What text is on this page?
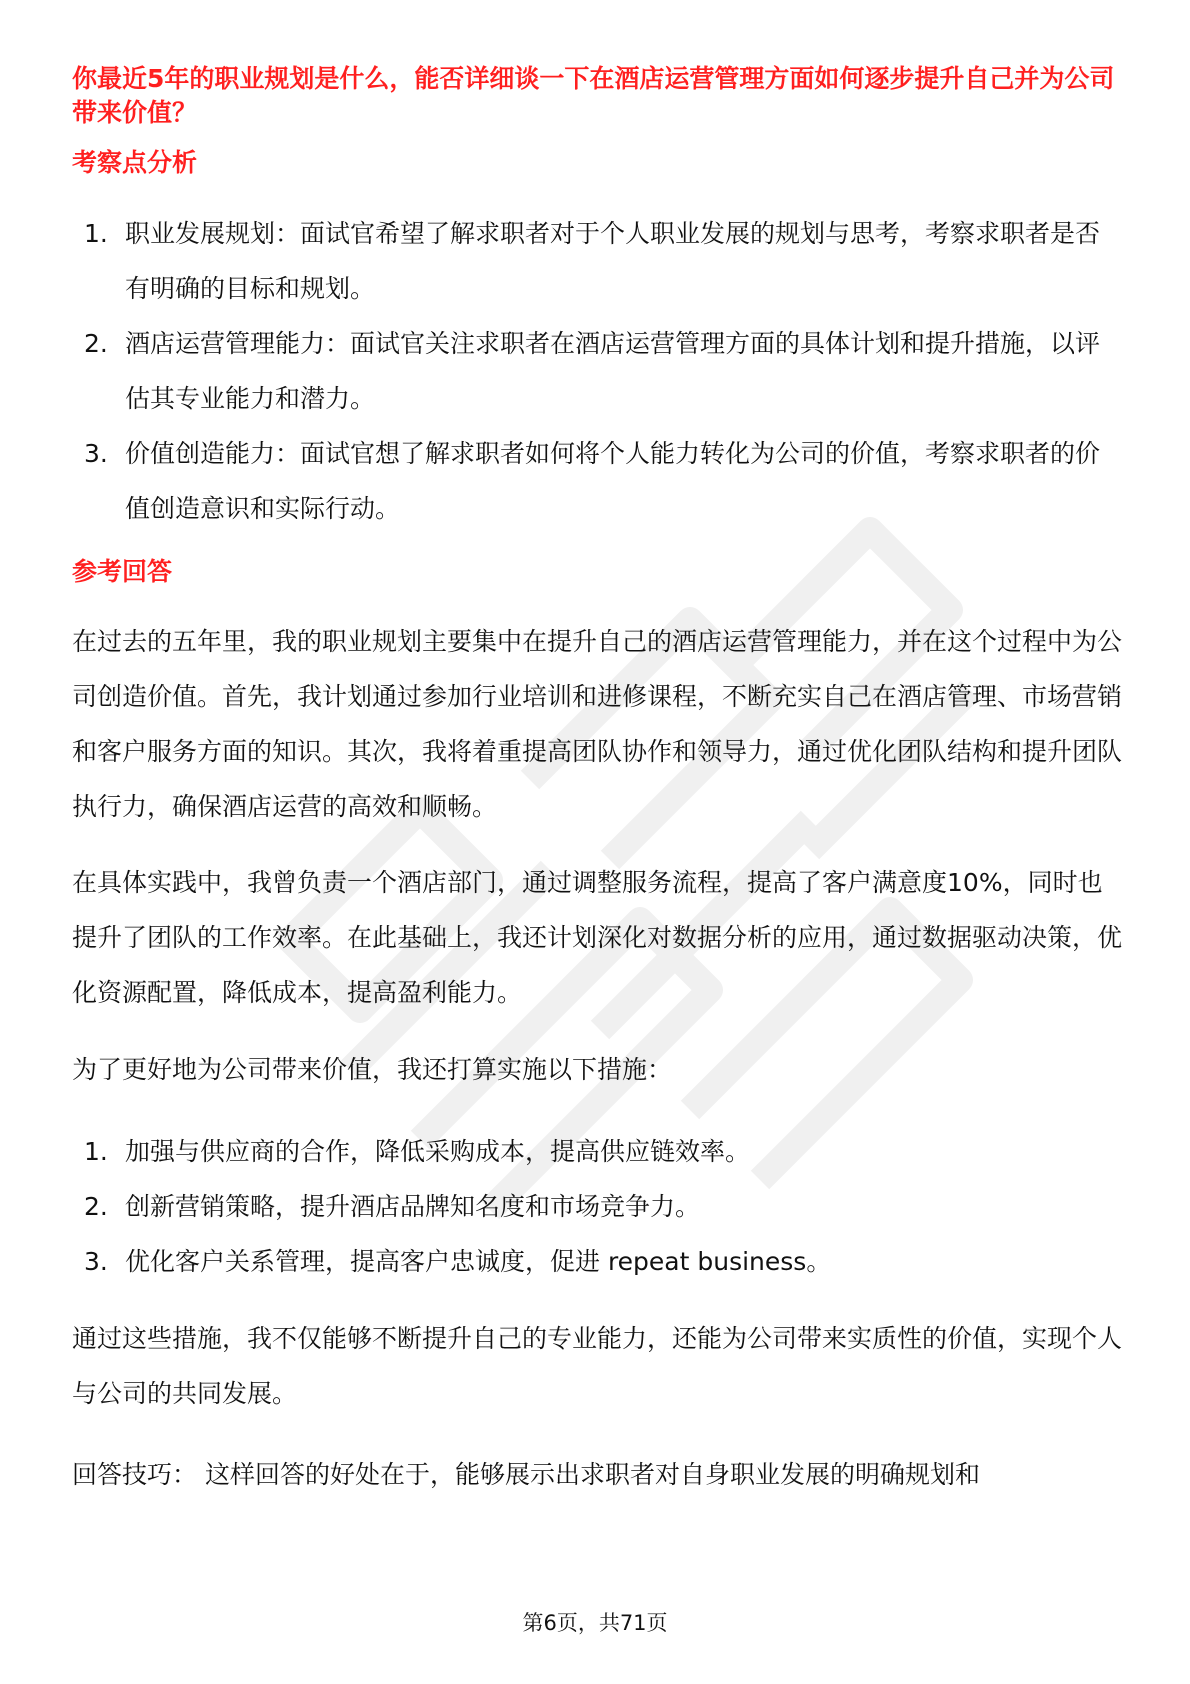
你最近5年的职业规划是什么，能否详细谈一下在酒店运营管理方面如何逐步提升自己并为公司带来价值？

考察点分析
1. 职业发展规划：面试官希望了解求职者对于个人职业发展的规划与思考，考察求职者是否有明确的目标和规划。
2. 酒店运营管理能力：面试官关注求职者在酒店运营管理方面的具体计划和提升措施，以评估其专业能力和潜力。
3. 价值创造能力：面试官想了解求职者如何将个人能力转化为公司的价值，考察求职者的价值创造意识和实际行动。
参考回答

在过去的五年里，我的职业规划主要集中在提升自己的酒店运营管理能力，并在这个过程中为公司创造价值。首先，我计划通过参加行业培训和进修课程，不断充实自己在酒店管理、市场营销和客户服务方面的知识。其次，我将着重提高团队协作和领导力，通过优化团队结构和提升团队执行力，确保酒店运营的高效和顺畅。

在具体实践中，我曾负责一个酒店部门，通过调整服务流程，提高了客户满意度10%，同时也提升了团队的工作效率。在此基础上，我还计划深化对数据分析的应用，通过数据驱动决策，优化资源配置，降低成本，提高盈利能力。

为了更好地为公司带来价值，我还打算实施以下措施：

1. 加强与供应商的合作，降低采购成本，提高供应链效率。
2. 创新营销策略，提升酒店品牌知名度和市场竞争力。
3. 优化客户关系管理，提高客户忠诚度，促进 repeat business。

通过这些措施，我不仅能够不断提升自己的专业能力，还能为公司带来实质性的价值，实现个人与公司的共同发展。

回答技巧： 这样回答的好处在于，能够展示出求职者对自身职业发展的明确规划和

第6页，共71页
